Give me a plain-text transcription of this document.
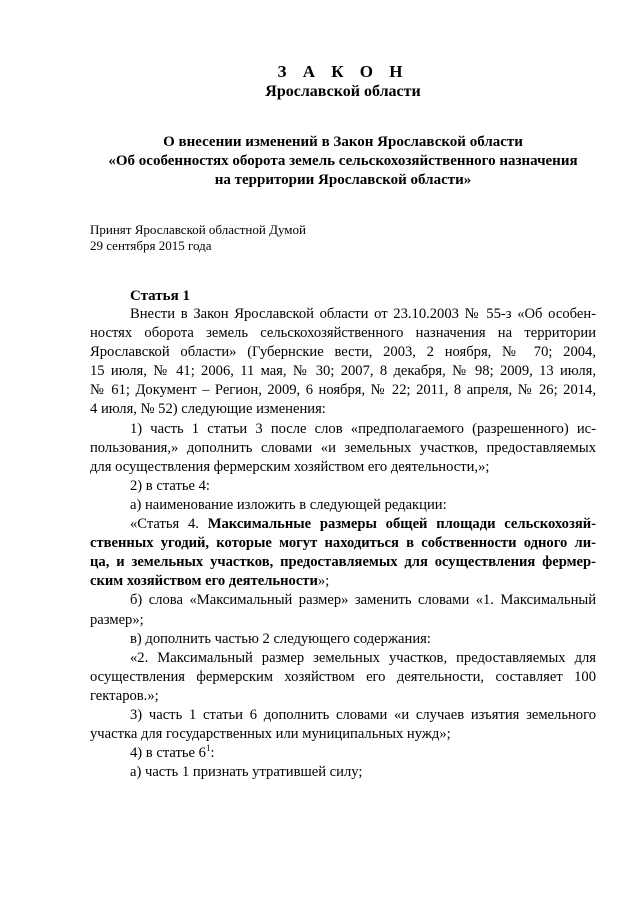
З А К О Н
Ярославской области
О внесении изменений в Закон Ярославской области
«Об особенностях оборота земель сельскохозяйственного назначения
на территории Ярославской области»
Принят Ярославской областной Думой
29 сентября 2015 года
Статья 1
Внести в Закон Ярославской области от 23.10.2003 № 55-з «Об особен-
ностях оборота земель сельскохозяйственного назначения на территории
Ярославской области» (Губернские вести, 2003, 2 ноября, № 70; 2004,
15 июля, № 41; 2006, 11 мая, № 30; 2007, 8 декабря, № 98; 2009, 13 июля,
№ 61; Документ – Регион, 2009, 6 ноября, № 22; 2011, 8 апреля, № 26; 2014,
4 июля, № 52) следующие изменения:
1) часть 1 статьи 3 после слов «предполагаемого (разрешенного) ис-
пользования,» дополнить словами «и земельных участков, предоставляемых
для осуществления фермерским хозяйством его деятельности,»;
2) в статье 4:
а) наименование изложить в следующей редакции:
«Статья 4. Максимальные размеры общей площади сельскохозяй-
ственных угодий, которые могут находиться в собственности одного ли-
ца, и земельных участков, предоставляемых для осуществления фермер-
ским хозяйством его деятельности»;
б) слова «Максимальный размер» заменить словами «1. Максимальный
размер»;
в) дополнить частью 2 следующего содержания:
«2. Максимальный размер земельных участков, предоставляемых для
осуществления фермерским хозяйством его деятельности, составляет 100
гектаров.»;
3) часть 1 статьи 6 дополнить словами «и случаев изъятия земельного
участка для государственных или муниципальных нужд»;
4) в статье $6^1$:
а) часть 1 признать утратившей силу;
